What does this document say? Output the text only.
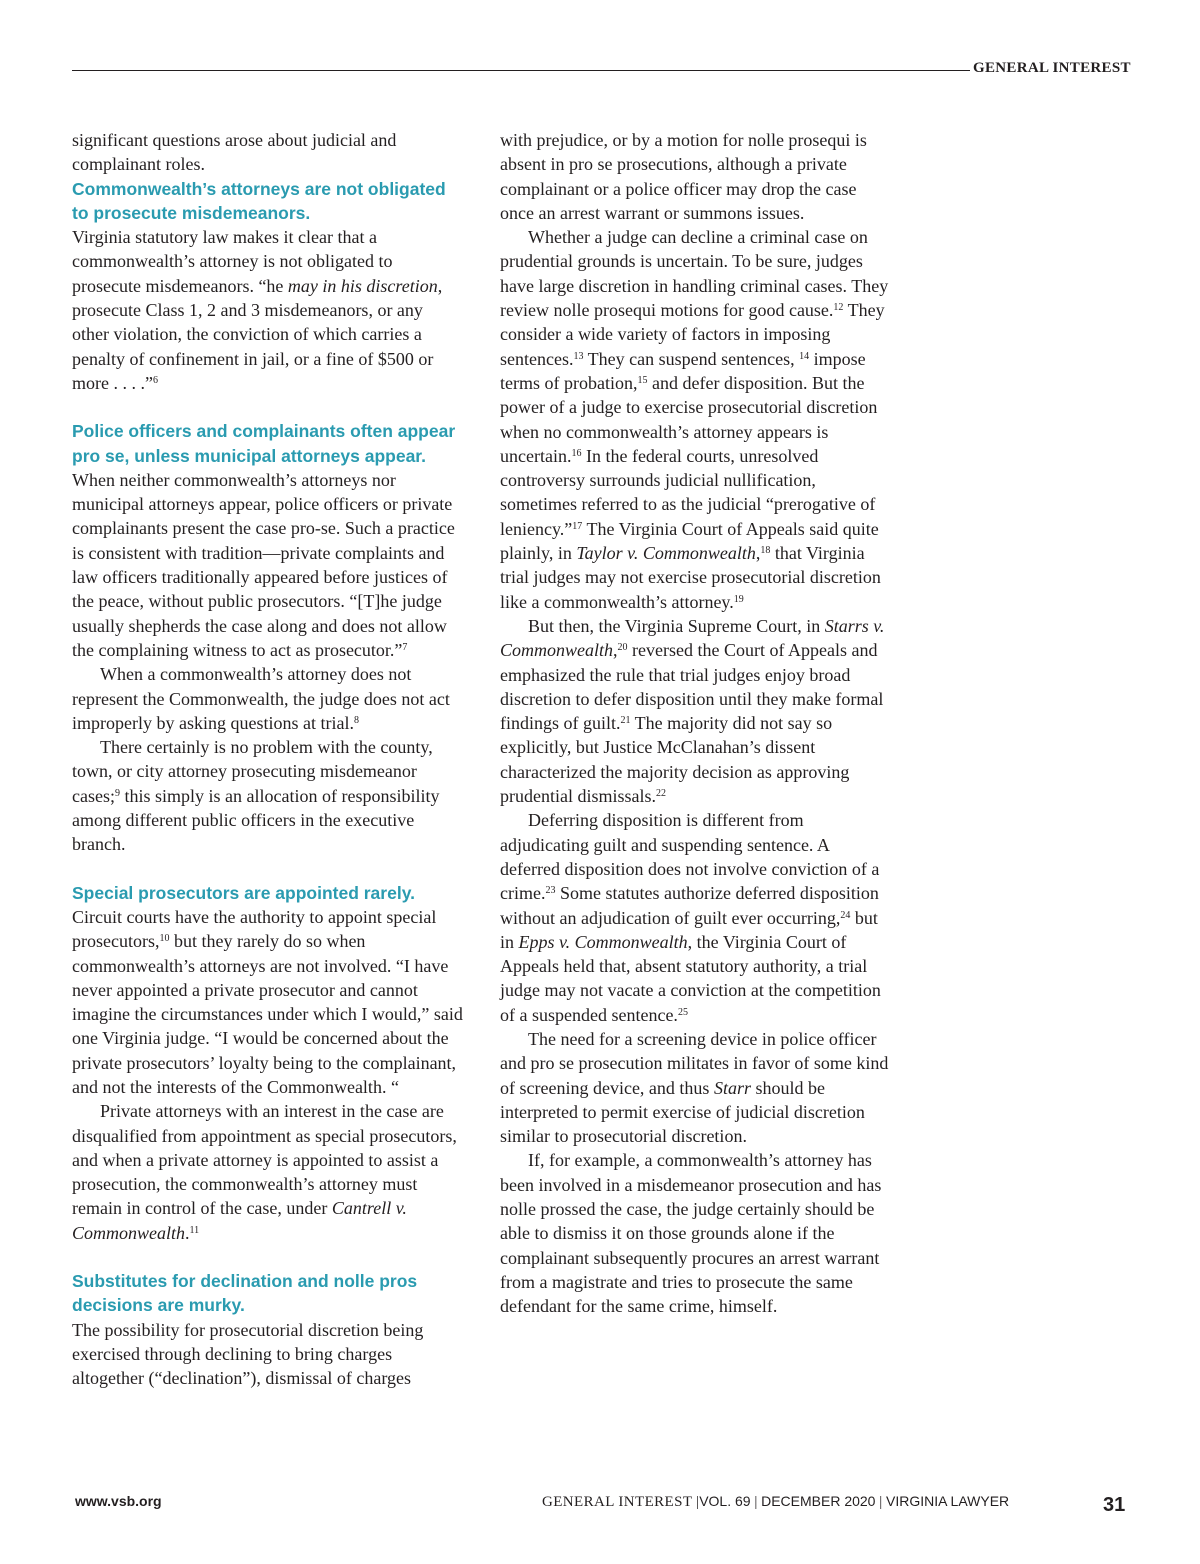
GENERAL INTEREST

significant questions arose about judicial and complainant roles.

Commonwealth’s attorneys are not obligated to prosecute misdemeanors.

Virginia statutory law makes it clear that a commonwealth’s attorney is not obligated to prosecute misdemeanors. “he may in his discretion, prosecute Class 1, 2 and 3 misdemeanors, or any other violation, the conviction of which carries a penalty of confinement in jail, or a fine of $500 or more . . . .”$^6$

Police officers and complainants often appear pro se, unless municipal attorneys appear.

When neither commonwealth’s attorneys nor municipal attorneys appear, police officers or private complainants present the case pro-se. Such a practice is consistent with tradition—private complaints and law officers traditionally appeared before justices of the peace, without public prosecutors. “[T]he judge usually shepherds the case along and does not allow the complaining witness to act as prosecutor.”$^7$

When a commonwealth’s attorney does not represent the Commonwealth, the judge does not act improperly by asking questions at trial.$^8$

There certainly is no problem with the county, town, or city attorney prosecuting misdemeanor cases;$^9$ this simply is an allocation of responsibility among different public officers in the executive branch.

Special prosecutors are appointed rarely.

Circuit courts have the authority to appoint special prosecutors,$^{10}$ but they rarely do so when commonwealth’s attorneys are not involved. “I have never appointed a private prosecutor and cannot imagine the circumstances under which I would,” said one Virginia judge. “I would be concerned about the private prosecutors’ loyalty being to the complainant, and not the interests of the Commonwealth. “

Private attorneys with an interest in the case are disqualified from appointment as special prosecutors, and when a private attorney is appointed to assist a prosecution, the commonwealth’s attorney must remain in control of the case, under Cantrell v. Commonwealth.$^{11}$

Substitutes for declination and nolle pros decisions are murky.

The possibility for prosecutorial discretion being exercised through declining to bring charges altogether (“declination”), dismissal of charges

with prejudice, or by a motion for nolle prosequi is absent in pro se prosecutions, although a private complainant or a police officer may drop the case once an arrest warrant or summons issues.

Whether a judge can decline a criminal case on prudential grounds is uncertain. To be sure, judges have large discretion in handling criminal cases. They review nolle prosequi motions for good cause.$^{12}$ They consider a wide variety of factors in imposing sentences.$^{13}$ They can suspend sentences, $^{14}$ impose terms of probation,$^{15}$ and defer disposition. But the power of a judge to exercise prosecutorial discretion when no commonwealth’s attorney appears is uncertain.$^{16}$ In the federal courts, unresolved controversy surrounds judicial nullification, sometimes referred to as the judicial “prerogative of leniency.”$^{17}$ The Virginia Court of Appeals said quite plainly, in Taylor v. Commonwealth,$^{18}$ that Virginia trial judges may not exercise prosecutorial discretion like a commonwealth’s attorney.$^{19}$

But then, the Virginia Supreme Court, in Starrs v. Commonwealth,$^{20}$ reversed the Court of Appeals and emphasized the rule that trial judges enjoy broad discretion to defer disposition until they make formal findings of guilt.$^{21}$ The majority did not say so explicitly, but Justice McClanahan’s dissent characterized the majority decision as approving prudential dismissals.$^{22}$

Deferring disposition is different from adjudicating guilt and suspending sentence. A deferred disposition does not involve conviction of a crime.$^{23}$ Some statutes authorize deferred disposition without an adjudication of guilt ever occurring,$^{24}$ but in Epps v. Commonwealth, the Virginia Court of Appeals held that, absent statutory authority, a trial judge may not vacate a conviction at the competition of a suspended sentence.$^{25}$

The need for a screening device in police officer and pro se prosecution militates in favor of some kind of screening device, and thus Starr should be interpreted to permit exercise of judicial discretion similar to prosecutorial discretion.

If, for example, a commonwealth’s attorney has been involved in a misdemeanor prosecution and has nolle prossed the case, the judge certainly should be able to dismiss it on those grounds alone if the complainant subsequently procures an arrest warrant from a magistrate and tries to prosecute the same defendant for the same crime, himself.

www.vsb.org	GENERAL INTEREST |VOL. 69 | DECEMBER 2020 | VIRGINIA LAWYER	31
